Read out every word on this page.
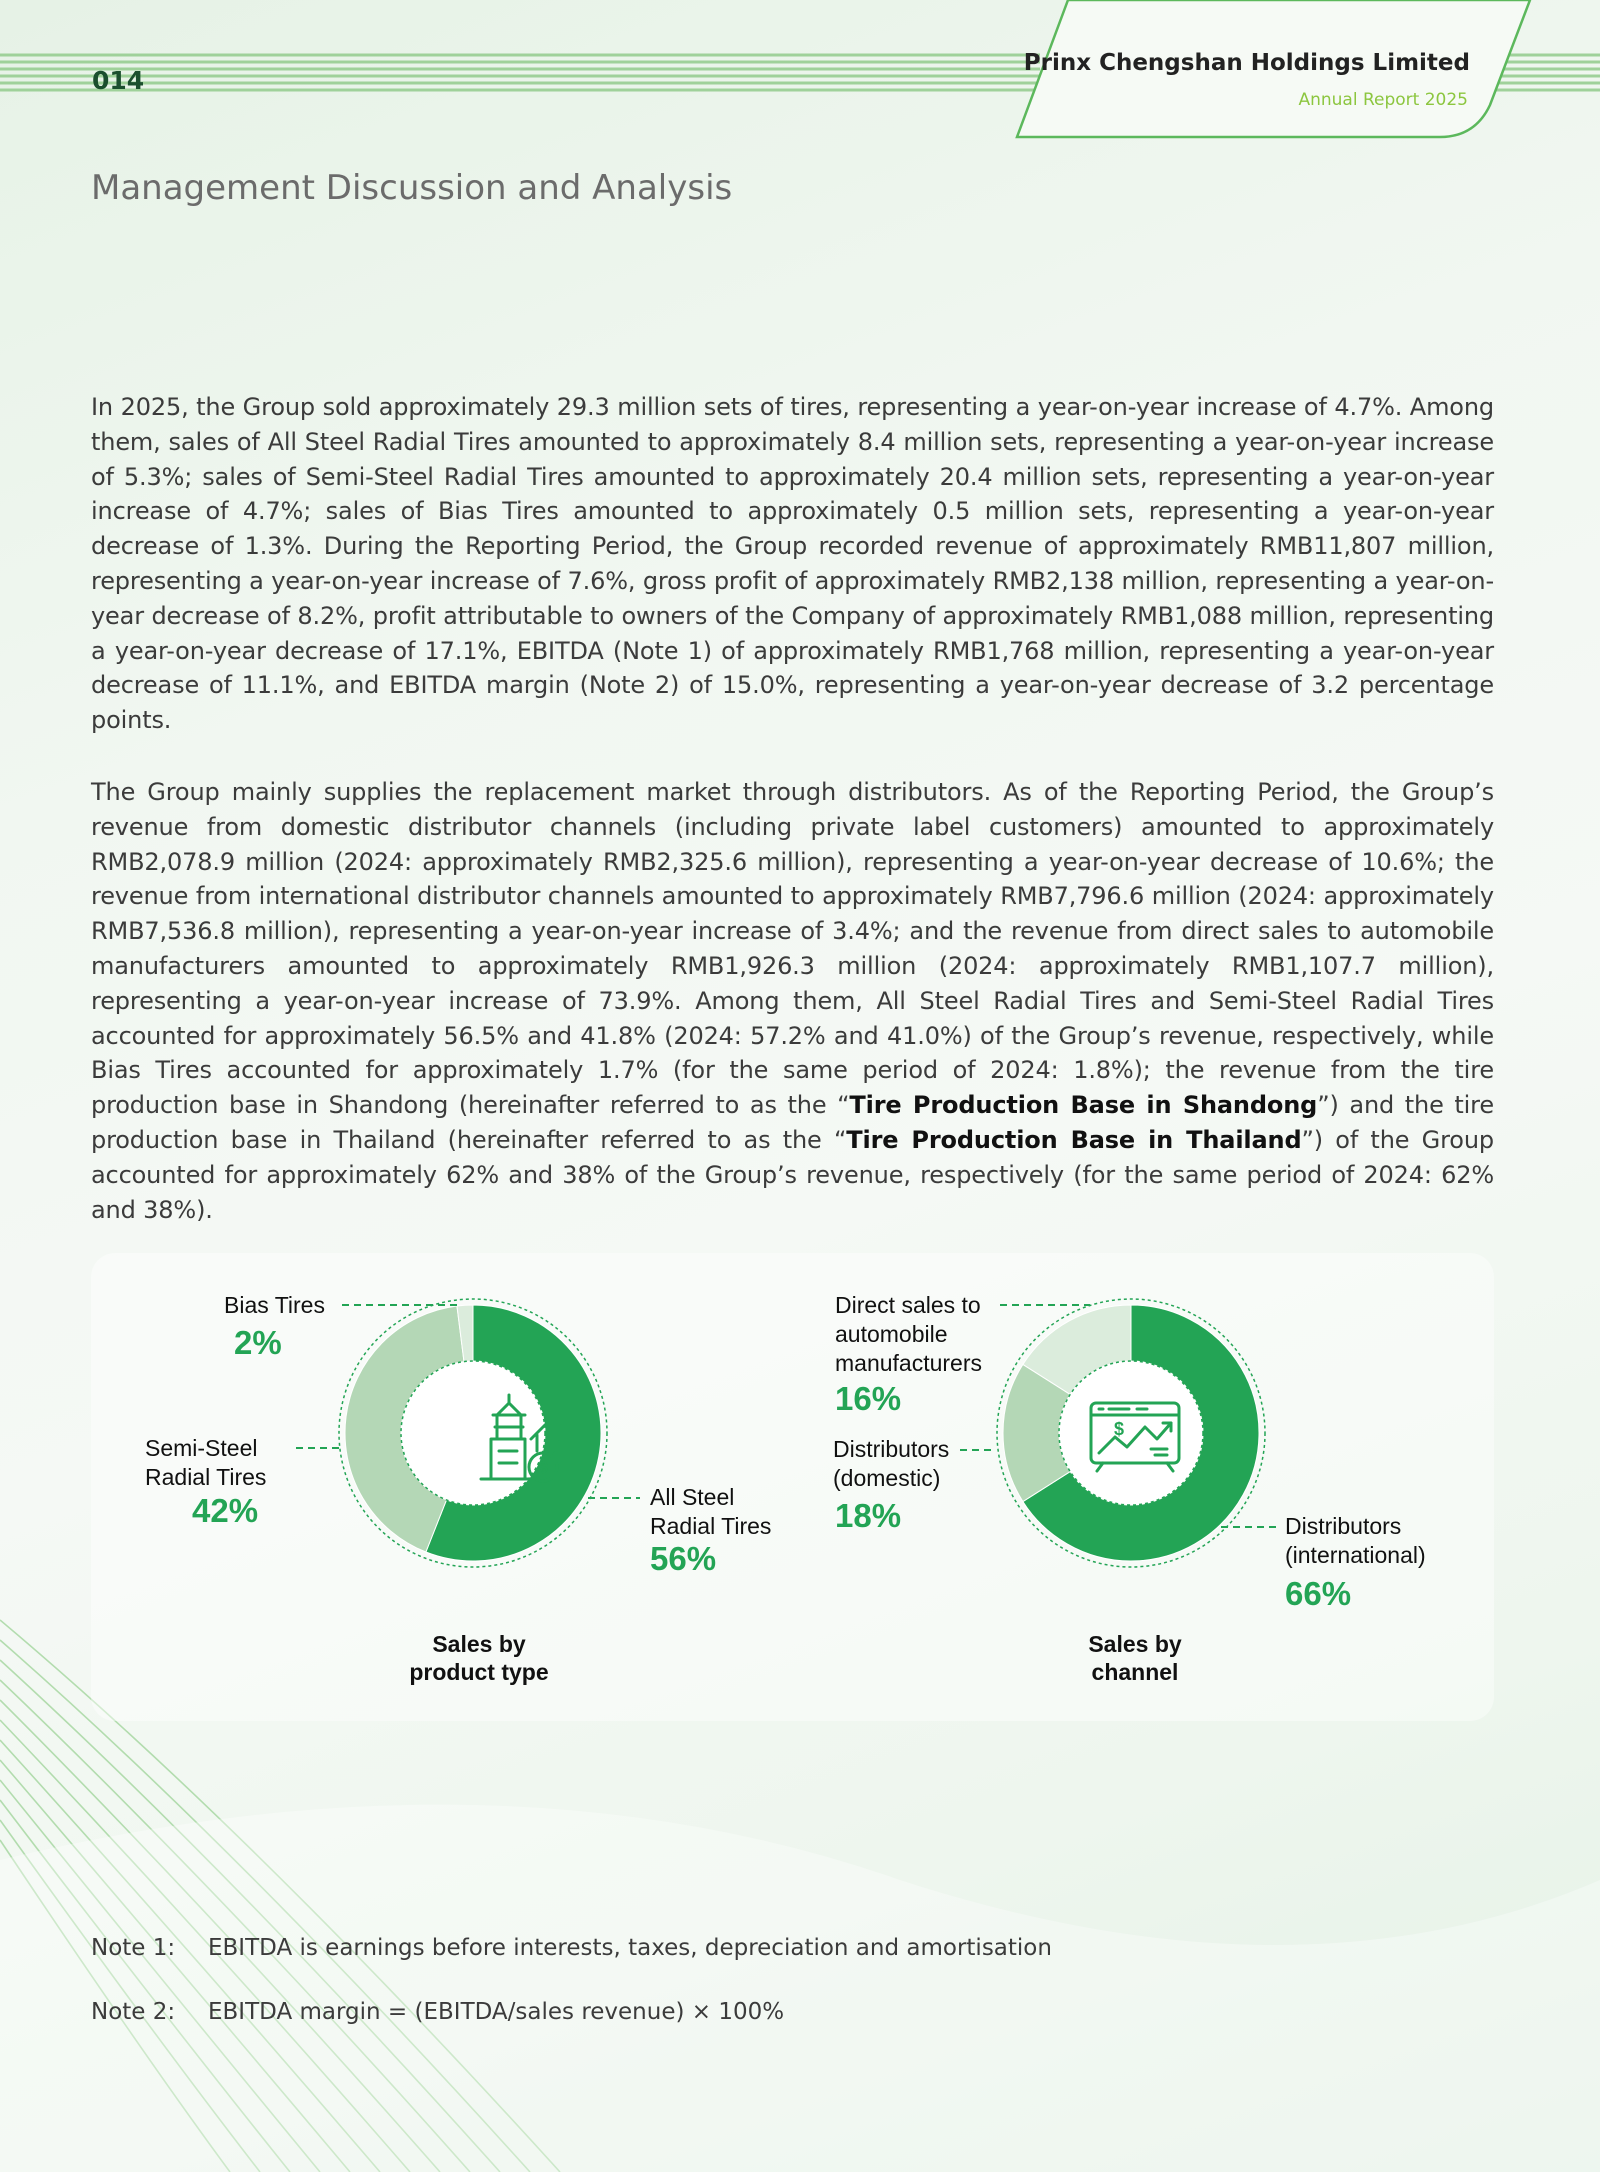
014
Prinx Chengshan Holdings Limited
Annual Report 2025
Management Discussion and Analysis

In 2025, the Group sold approximately 29.3 million sets of tires, representing a year-on-year increase of 4.7%. Among them, sales of All Steel Radial Tires amounted to approximately 8.4 million sets, representing a year-on-year increase of 5.3%; sales of Semi-Steel Radial Tires amounted to approximately 20.4 million sets, representing a year-on-year increase of 4.7%; sales of Bias Tires amounted to approximately 0.5 million sets, representing a year-on-year decrease of 1.3%. During the Reporting Period, the Group recorded revenue of approximately RMB11,807 million, representing a year-on-year increase of 7.6%, gross profit of approximately RMB2,138 million, representing a year-on-year decrease of 8.2%, profit attributable to owners of the Company of approximately RMB1,088 million, representing a year-on-year decrease of 17.1%, EBITDA (Note 1) of approximately RMB1,768 million, representing a year-on-year decrease of 11.1%, and EBITDA margin (Note 2) of 15.0%, representing a year-on-year decrease of 3.2 percentage points.

The Group mainly supplies the replacement market through distributors. As of the Reporting Period, the Group’s revenue from domestic distributor channels (including private label customers) amounted to approximately RMB2,078.9 million (2024: approximately RMB2,325.6 million), representing a year-on-year decrease of 10.6%; the revenue from international distributor channels amounted to approximately RMB7,796.6 million (2024: approximately RMB7,536.8 million), representing a year-on-year increase of 3.4%; and the revenue from direct sales to automobile manufacturers amounted to approximately RMB1,926.3 million (2024: approximately RMB1,107.7 million), representing a year-on-year increase of 73.9%. Among them, All Steel Radial Tires and Semi-Steel Radial Tires accounted for approximately 56.5% and 41.8% (2024: 57.2% and 41.0%) of the Group’s revenue, respectively, while Bias Tires accounted for approximately 1.7% (for the same period of 2024: 1.8%); the revenue from the tire production base in Shandong (hereinafter referred to as the “Tire Production Base in Shandong”) and the tire production base in Thailand (hereinafter referred to as the “Tire Production Base in Thailand”) of the Group accounted for approximately 62% and 38% of the Group’s revenue, respectively (for the same period of 2024: 62% and 38%).

$
$
Bias Tires
2%
Semi-Steel
Radial Tires
42%	All Steel
Radial Tires
56%
Sales by
product type
Direct sales to
automobile
manufacturers
16%
Distributors
(domestic)
18%	Distributors
(international)
66%
Sales by
channel
Note 1: EBITDA is earnings before interests, taxes, depreciation and amortisation
Note 2: EBITDA margin = (EBITDA/sales revenue) × 100%
